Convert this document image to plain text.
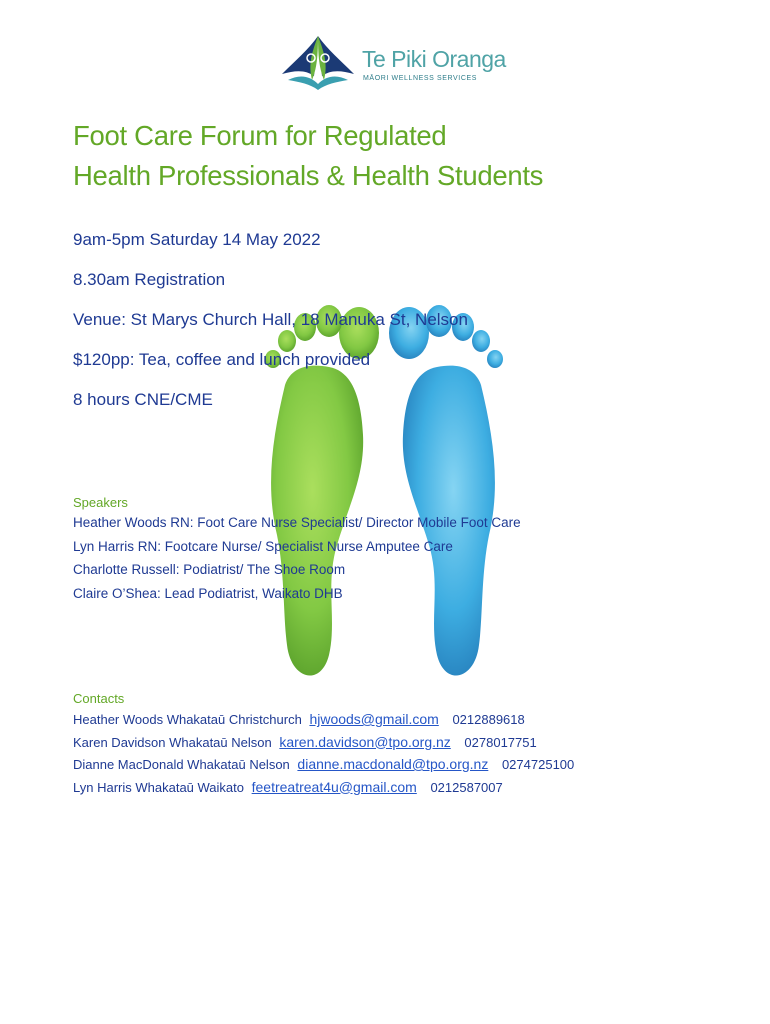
Te Piki Oranga
MĀORI WELLNESS SERVICES
Foot Care Forum for Regulated
Health Professionals & Health Students
9am-5pm Saturday 14 May 2022
8.30am Registration
Venue: St Marys Church Hall, 18 Manuka St, Nelson
$120pp: Tea, coffee and lunch provided
8 hours CNE/CME
Speakers
Heather Woods RN: Foot Care Nurse Specialist/ Director Mobile Foot Care
Lyn Harris RN: Footcare Nurse/ Specialist Nurse Amputee Care
Charlotte Russell: Podiatrist/ The Shoe Room
Claire O’Shea: Lead Podiatrist, Waikato DHB
Contacts
Heather Woods Whakataū Christchurch hjwoods@gmail.com 0212889618
Karen Davidson Whakataū Nelson karen.davidson@tpo.org.nz 0278017751
Dianne MacDonald Whakataū Nelson dianne.macdonald@tpo.org.nz 0274725100
Lyn Harris Whakataū Waikato feetreatreat4u@gmail.com 0212587007
